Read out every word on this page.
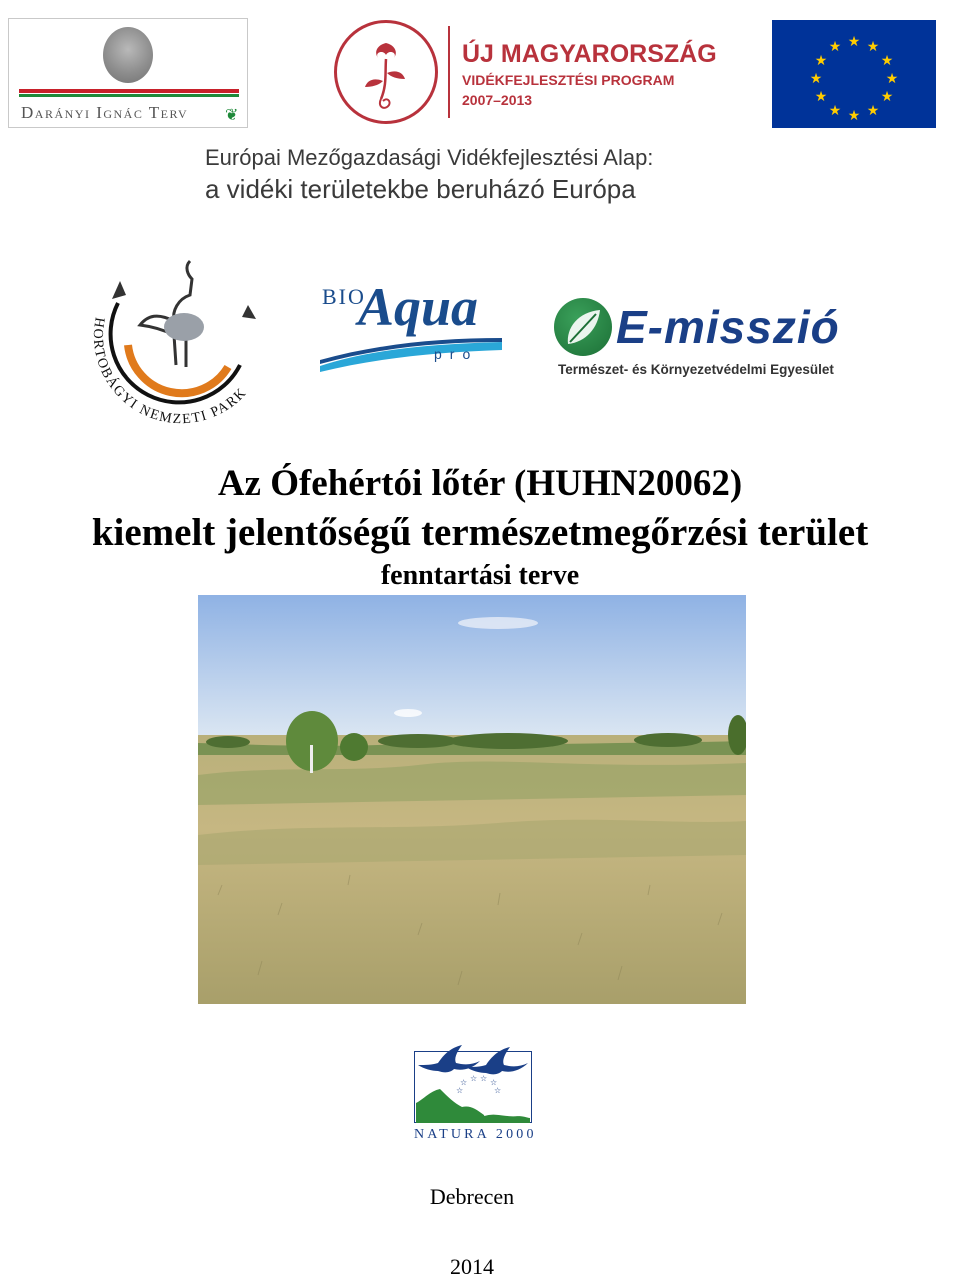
Darányi Ignác Terv	❦
ÚJ MAGYARORSZÁG
VIDÉKFEJLESZTÉSI PROGRAM
2007–2013
★ ★
★
★
★
★
★
★
★
★
★
★
Európai Mezőgazdasági Vidékfejlesztési Alap:
a vidéki területekbe beruházó Európa
HORTOBÁGYI NEMZETI PARK
BIO
Aqua
pro
E-misszió
Természet- és Környezetvédelmi Egyesület
Az Ófehértói lőtér (HUHN20062)
kiemelt jelentőségű természetmegőrzési terület
fenntartási terve
☆ ☆ ☆ ☆
☆	☆
NATURA 2000
Debrecen
2014
